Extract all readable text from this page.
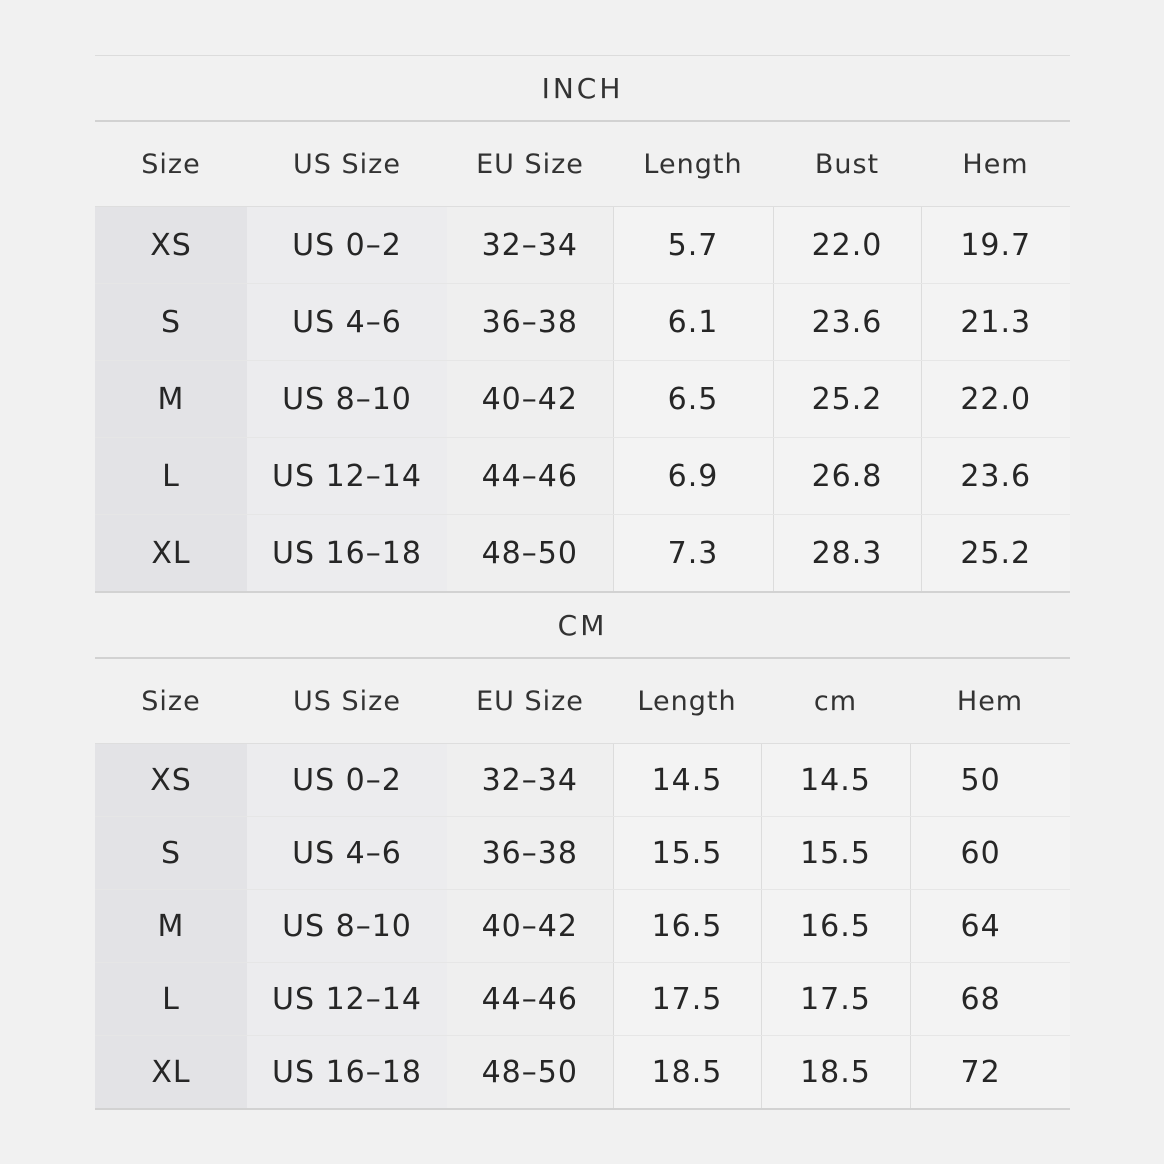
INCH
Size	US Size	EU Size	Length	Bust	Hem
XS	US 0–2	32–34	5.7	22.0	19.7
S	US 4–6	36–38	6.1	23.6	21.3
M	US 8–10	40–42	6.5	25.2	22.0
L	US 12–14	44–46	6.9	26.8	23.6
XL	US 16–18	48–50	7.3	28.3	25.2
CM
Size	US Size	EU Size	Length	cm	Hem
XS	US 0–2	32–34	14.5	14.5	50
S	US 4–6	36–38	15.5	15.5	60
M	US 8–10	40–42	16.5	16.5	64
L	US 12–14	44–46	17.5	17.5	68
XL	US 16–18	48–50	18.5	18.5	72
